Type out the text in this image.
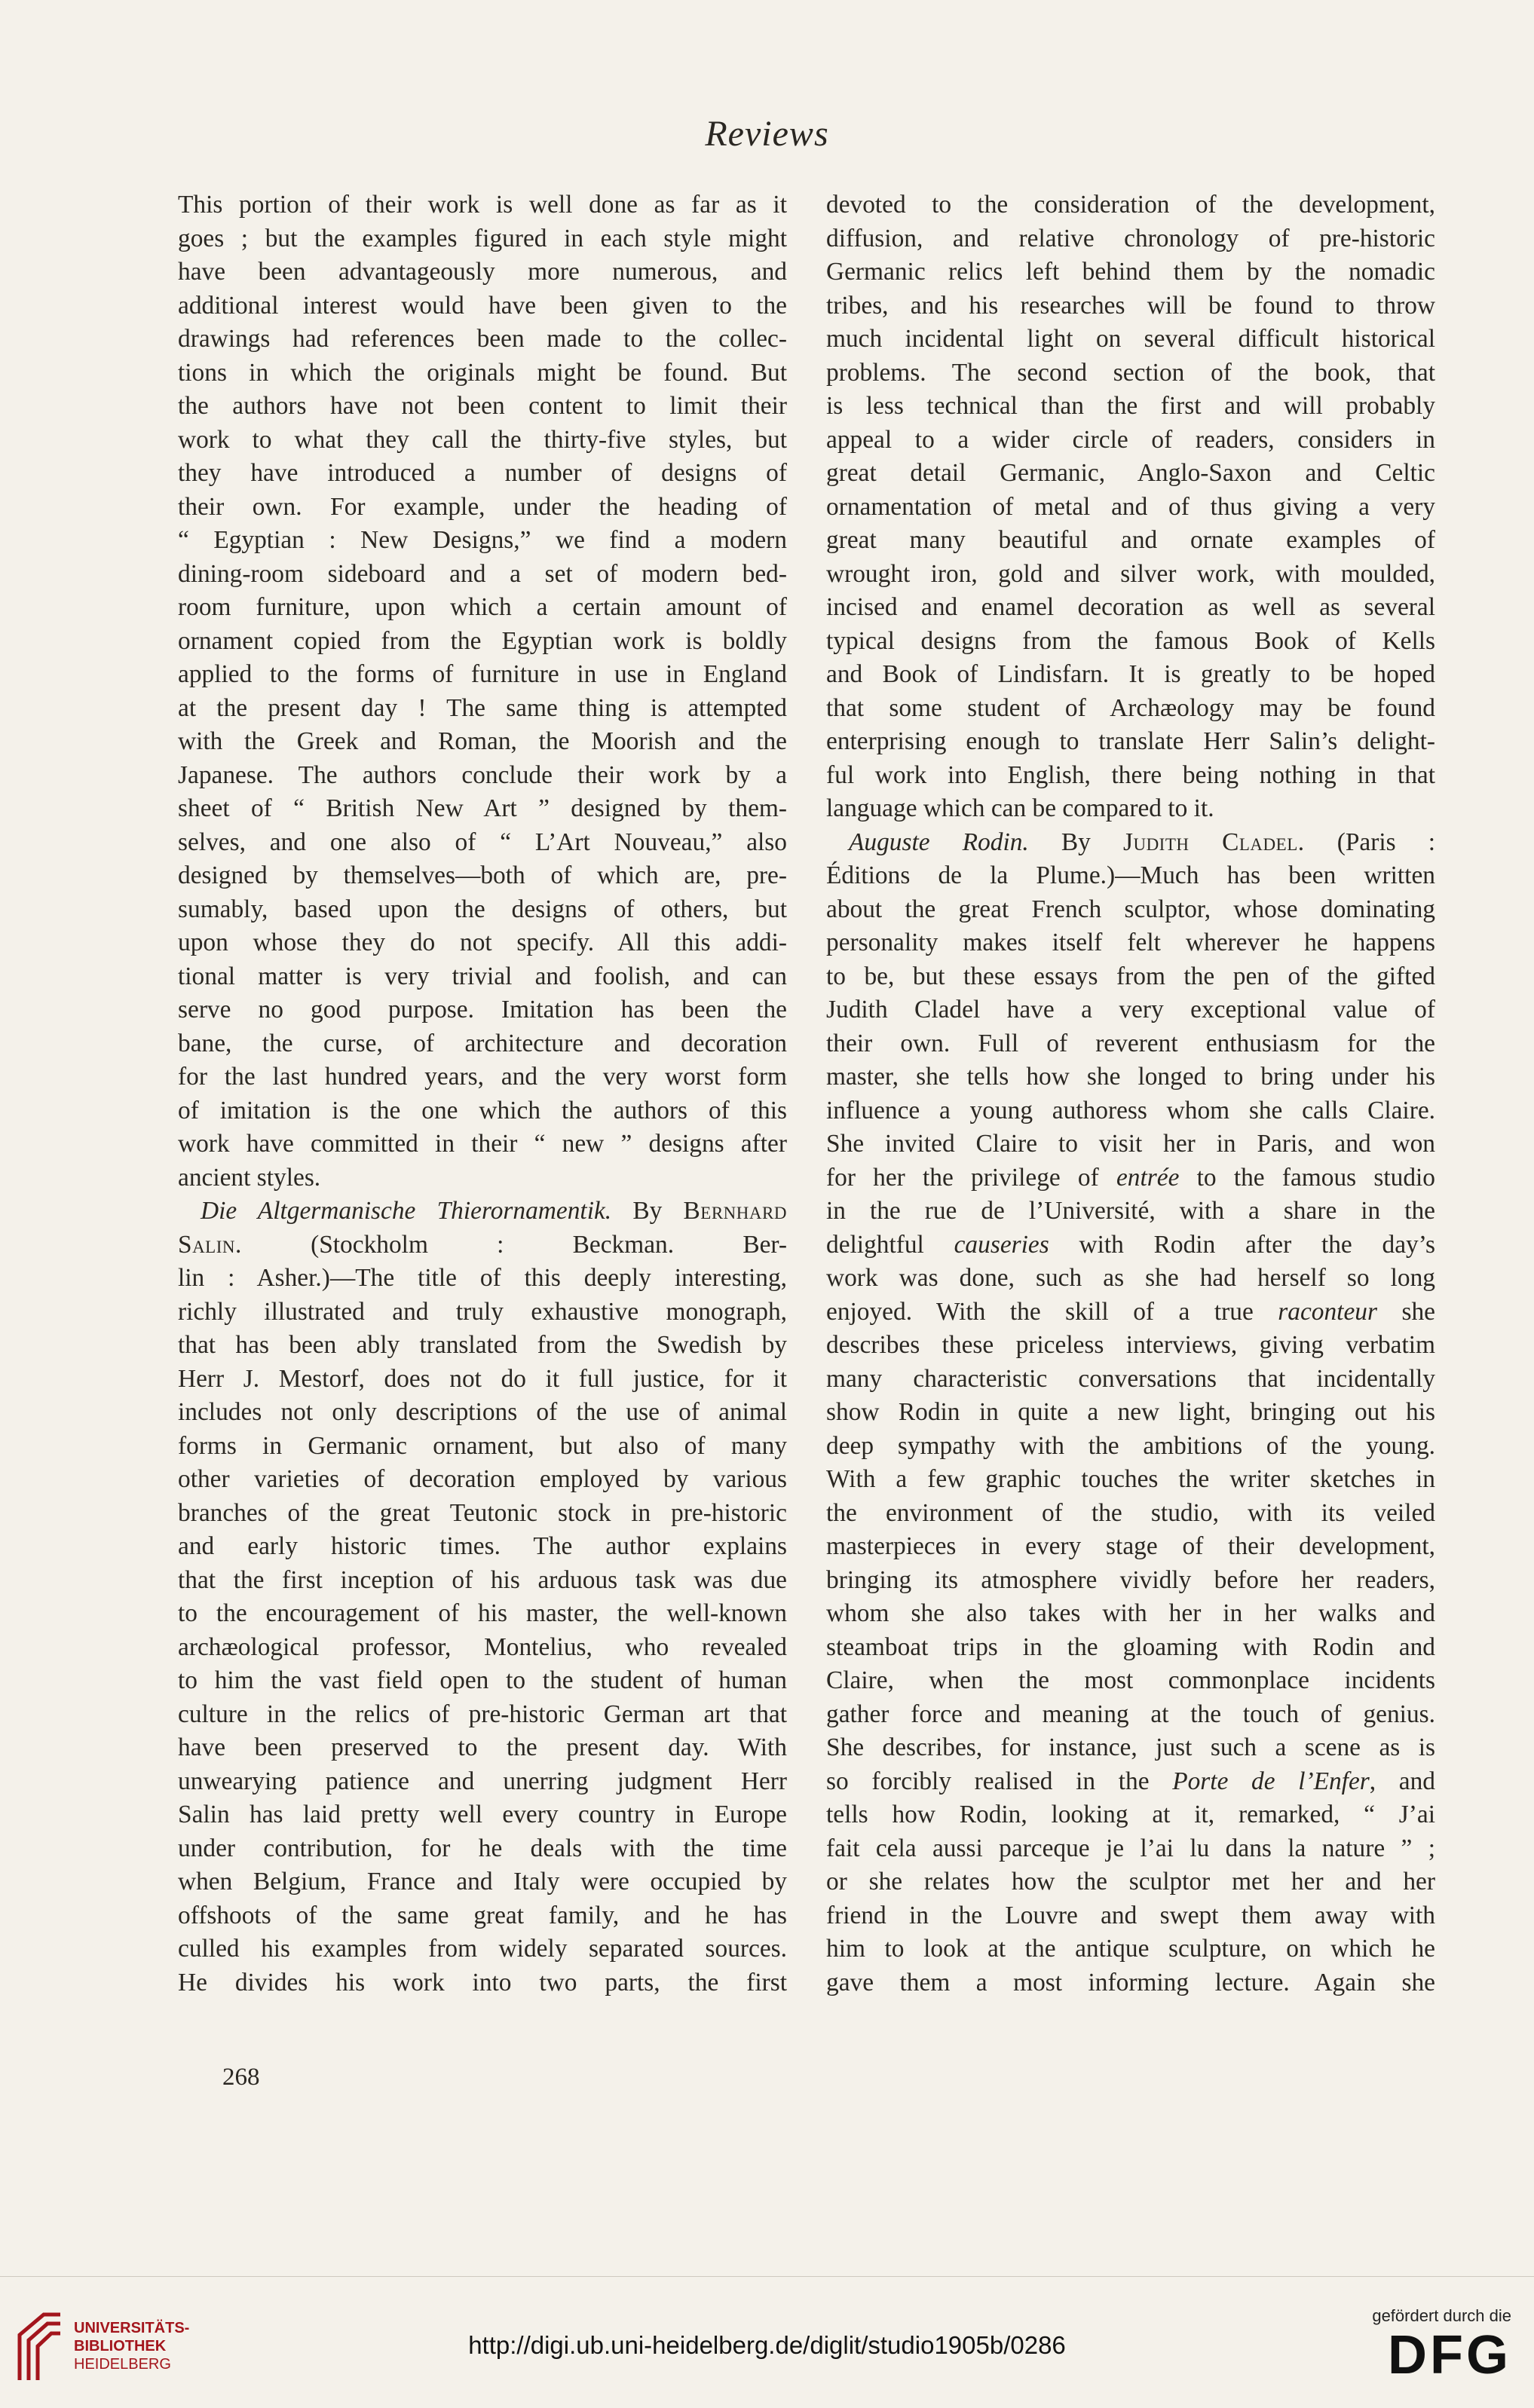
Reviews

This portion of their work is well done as far as it

goes ; but the examples figured in each style might

have been advantageously more numerous, and

additional interest would have been given to the

drawings had references been made to the collec-

tions in which the originals might be found. But

the authors have not been content to limit their

work to what they call the thirty-five styles, but

they have introduced a number of designs of

their own. For example, under the heading of

“ Egyptian : New Designs,” we find a modern

dining-room sideboard and a set of modern bed-

room furniture, upon which a certain amount of

ornament copied from the Egyptian work is boldly

applied to the forms of furniture in use in England

at the present day ! The same thing is attempted

with the Greek and Roman, the Moorish and the

Japanese. The authors conclude their work by a

sheet of “ British New Art ” designed by them-

selves, and one also of “ L’Art Nouveau,” also

designed by themselves—both of which are, pre-

sumably, based upon the designs of others, but

upon whose they do not specify. All this addi-

tional matter is very trivial and foolish, and can

serve no good purpose. Imitation has been the

bane, the curse, of architecture and decoration

for the last hundred years, and the very worst form

of imitation is the one which the authors of this

work have committed in their “ new ” designs after

ancient styles.

Die Altgermanische Thierornamentik. By Bernhard Salin.	(Stockholm : Beckman. Ber-

lin : Asher.)—The title of this deeply interesting,

richly illustrated and truly exhaustive monograph,

that has been ably translated from the Swedish by

Herr J. Mestorf, does not do it full justice, for it

includes not only descriptions of the use of animal

forms in Germanic ornament, but also of many

other varieties of decoration employed by various

branches of the great Teutonic stock in pre-historic

and early historic times. The author explains

that the first inception of his arduous task was due

to the encouragement of his master, the well-known

archæological professor, Montelius, who revealed

to him the vast field open to the student of human

culture in the relics of pre-historic German art that

have been preserved to the present day. With

unwearying patience and unerring judgment Herr

Salin has laid pretty well every country in Europe

under contribution, for he deals with the time

when Belgium, France and Italy were occupied by

offshoots of the same great family, and he has

culled his examples from widely separated sources.

He divides his work into two parts, the first

devoted to the consideration of the development,

diffusion, and relative chronology of pre-historic

Germanic relics left behind them by the nomadic

tribes, and his researches will be found to throw

much incidental light on several difficult historical

problems. The second section of the book, that

is less technical than the first and will probably

appeal to a wider circle of readers, considers in

great detail Germanic, Anglo-Saxon and Celtic

ornamentation of metal and of thus giving a very

great many beautiful and ornate examples of

wrought iron, gold and silver work, with moulded,

incised and enamel decoration as well as several

typical designs from the famous Book of Kells

and Book of Lindisfarn. It is greatly to be hoped

that some student of Archæology may be found

enterprising enough to translate Herr Salin’s delight-

ful work into English, there being nothing in that

language which can be compared to it.

Auguste Rodin. By Judith Cladel. (Paris :

Éditions de la Plume.)—Much has been written

about the great French sculptor, whose dominating

personality makes itself felt wherever he happens

to be, but these essays from the pen of the gifted

Judith Cladel have a very exceptional value of

their own. Full of reverent enthusiasm for the

master, she tells how she longed to bring under his

influence a young authoress whom she calls Claire.

She invited Claire to visit her in Paris, and won

for her the privilege of entrée to the famous studio

in the rue de l’Université, with a share in the

delightful causeries with Rodin after the day’s

work was done, such as she had herself so long

enjoyed. With the skill of a true raconteur she

describes these priceless interviews, giving verbatim

many characteristic conversations that incidentally

show Rodin in quite a new light, bringing out his

deep sympathy with the ambitions of the young.

With a few graphic touches the writer sketches in

the environment of the studio, with its veiled

masterpieces in every stage of their development,

bringing its atmosphere vividly before her readers,

whom she also takes with her in her walks and

steamboat trips in the gloaming with Rodin and

Claire, when the most commonplace incidents

gather force and meaning at the touch of genius.

She describes, for instance, just such a scene as is

so forcibly realised in the Porte de l’Enfer, and

tells how Rodin, looking at it, remarked, “ J’ai

fait cela aussi parceque je l’ai lu dans la nature ” ;

or she relates how the sculptor met her and her

friend in the Louvre and swept them away with

him to look at the antique sculpture, on which he

gave them a most informing lecture. Again she

268
UNIVERSITÄTS-
BIBLIOTHEK
HEIDELBERG
http://digi.ub.uni-heidelberg.de/diglit/studio1905b/0286
gefördert durch die
DFG
